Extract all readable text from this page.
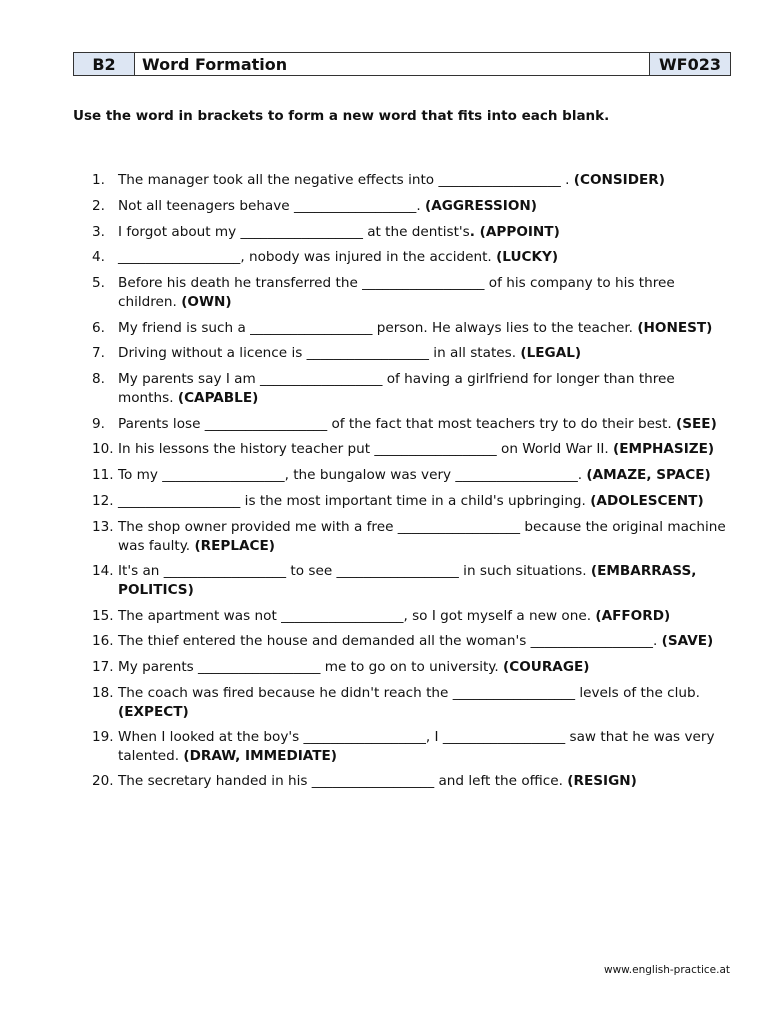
B2	Word Formation	WF023
Use the word in brackets to form a new word that fits into each blank.
1. The manager took all the negative effects into __________________ . (CONSIDER)
2. Not all teenagers behave __________________. (AGGRESSION)
3. I forgot about my __________________ at the dentist's. (APPOINT)
4. __________________, nobody was injured in the accident. (LUCKY)
5. Before his death he transferred the __________________ of his company to his three children. (OWN)
6. My friend is such a __________________ person. He always lies to the teacher. (HONEST)
7. Driving without a licence is __________________ in all states. (LEGAL)
8. My parents say I am __________________ of having a girlfriend for longer than three months. (CAPABLE)
9. Parents lose __________________ of the fact that most teachers try to do their best. (SEE)
10. In his lessons the history teacher put __________________ on World War II. (EMPHASIZE)
11. To my __________________, the bungalow was very __________________. (AMAZE, SPACE)
12. __________________ is the most important time in a child's upbringing. (ADOLESCENT)
13. The shop owner provided me with a free __________________ because the original machine was faulty. (REPLACE)
14. It's an __________________ to see __________________ in such situations. (EMBARRASS, POLITICS)
15. The apartment was not __________________, so I got myself a new one. (AFFORD)
16. The thief entered the house and demanded all the woman's __________________. (SAVE)
17. My parents __________________ me to go on to university. (COURAGE)
18. The coach was fired because he didn't reach the __________________ levels of the club. (EXPECT)
19. When I looked at the boy's __________________, I __________________ saw that he was very talented. (DRAW, IMMEDIATE)
20. The secretary handed in his __________________ and left the office. (RESIGN)
www.english-practice.at
